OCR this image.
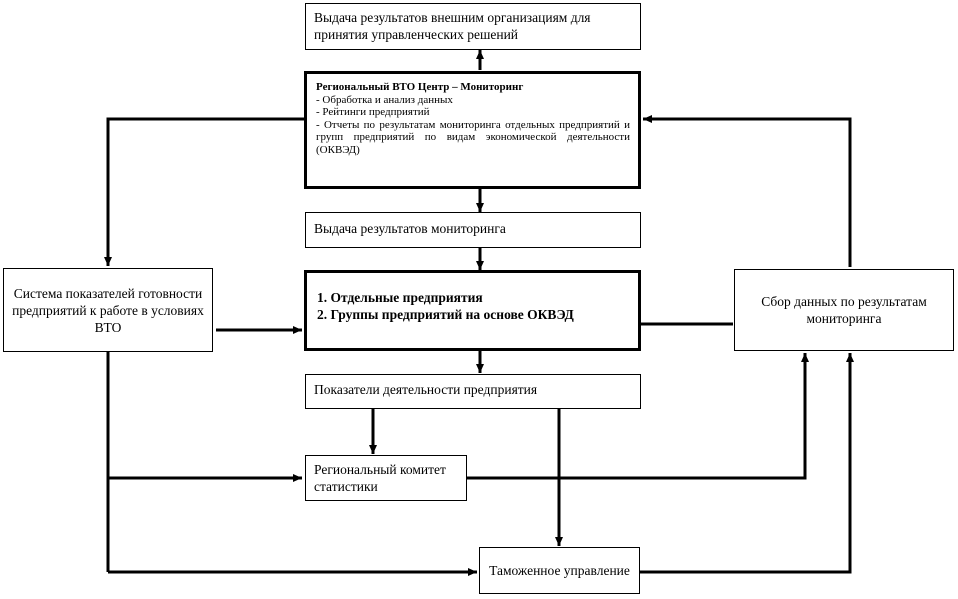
Выдача результатов внешним организациям для принятия управленческих решений
Региональный ВТО Центр – Мониторинг
- Обработка и анализ данных
- Рейтинги предприятий
- Отчеты по результатам мониторинга отдельных предприятий и групп предприятий по видам экономической деятельности (ОКВЭД)
Выдача результатов мониторинга
1. Отдельные предприятия
2. Группы предприятий на основе ОКВЭД
Система показателей готовности предприятий к работе в условиях ВТО
Сбор данных по результатам мониторинга
Показатели деятельности предприятия
Региональный комитет статистики
Таможенное управление
